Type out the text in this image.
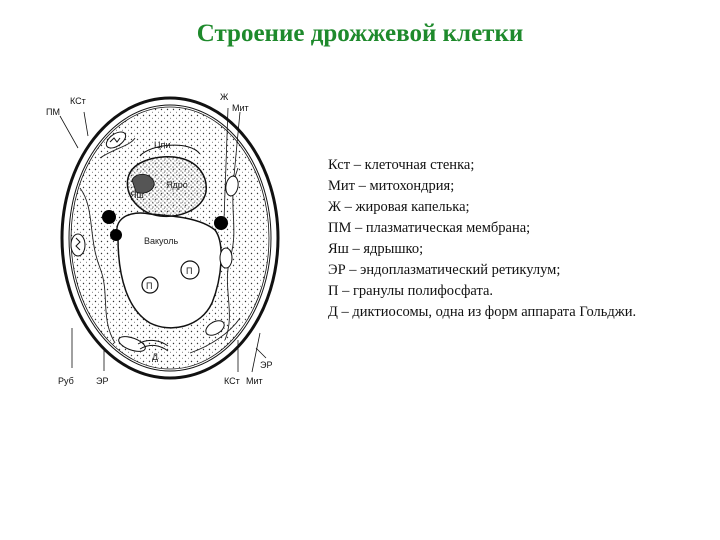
Строение дрожжевой клетки
ПМ
КСт	Ж
Мит
Руб ЭР	КСт Мит
ЭР
Цпи
Ядро
Яш
Вакуоль
П
П
Д
Кст – клеточная стенка;
Мит – митохондрия;
Ж – жировая капелька;
ПМ – плазматическая мембрана;
Яш – ядрышко;
ЭР – эндоплазматический ретикулум;
П – гранулы полифосфата.
Д – диктиосомы, одна из форм аппарата Гольджи.
